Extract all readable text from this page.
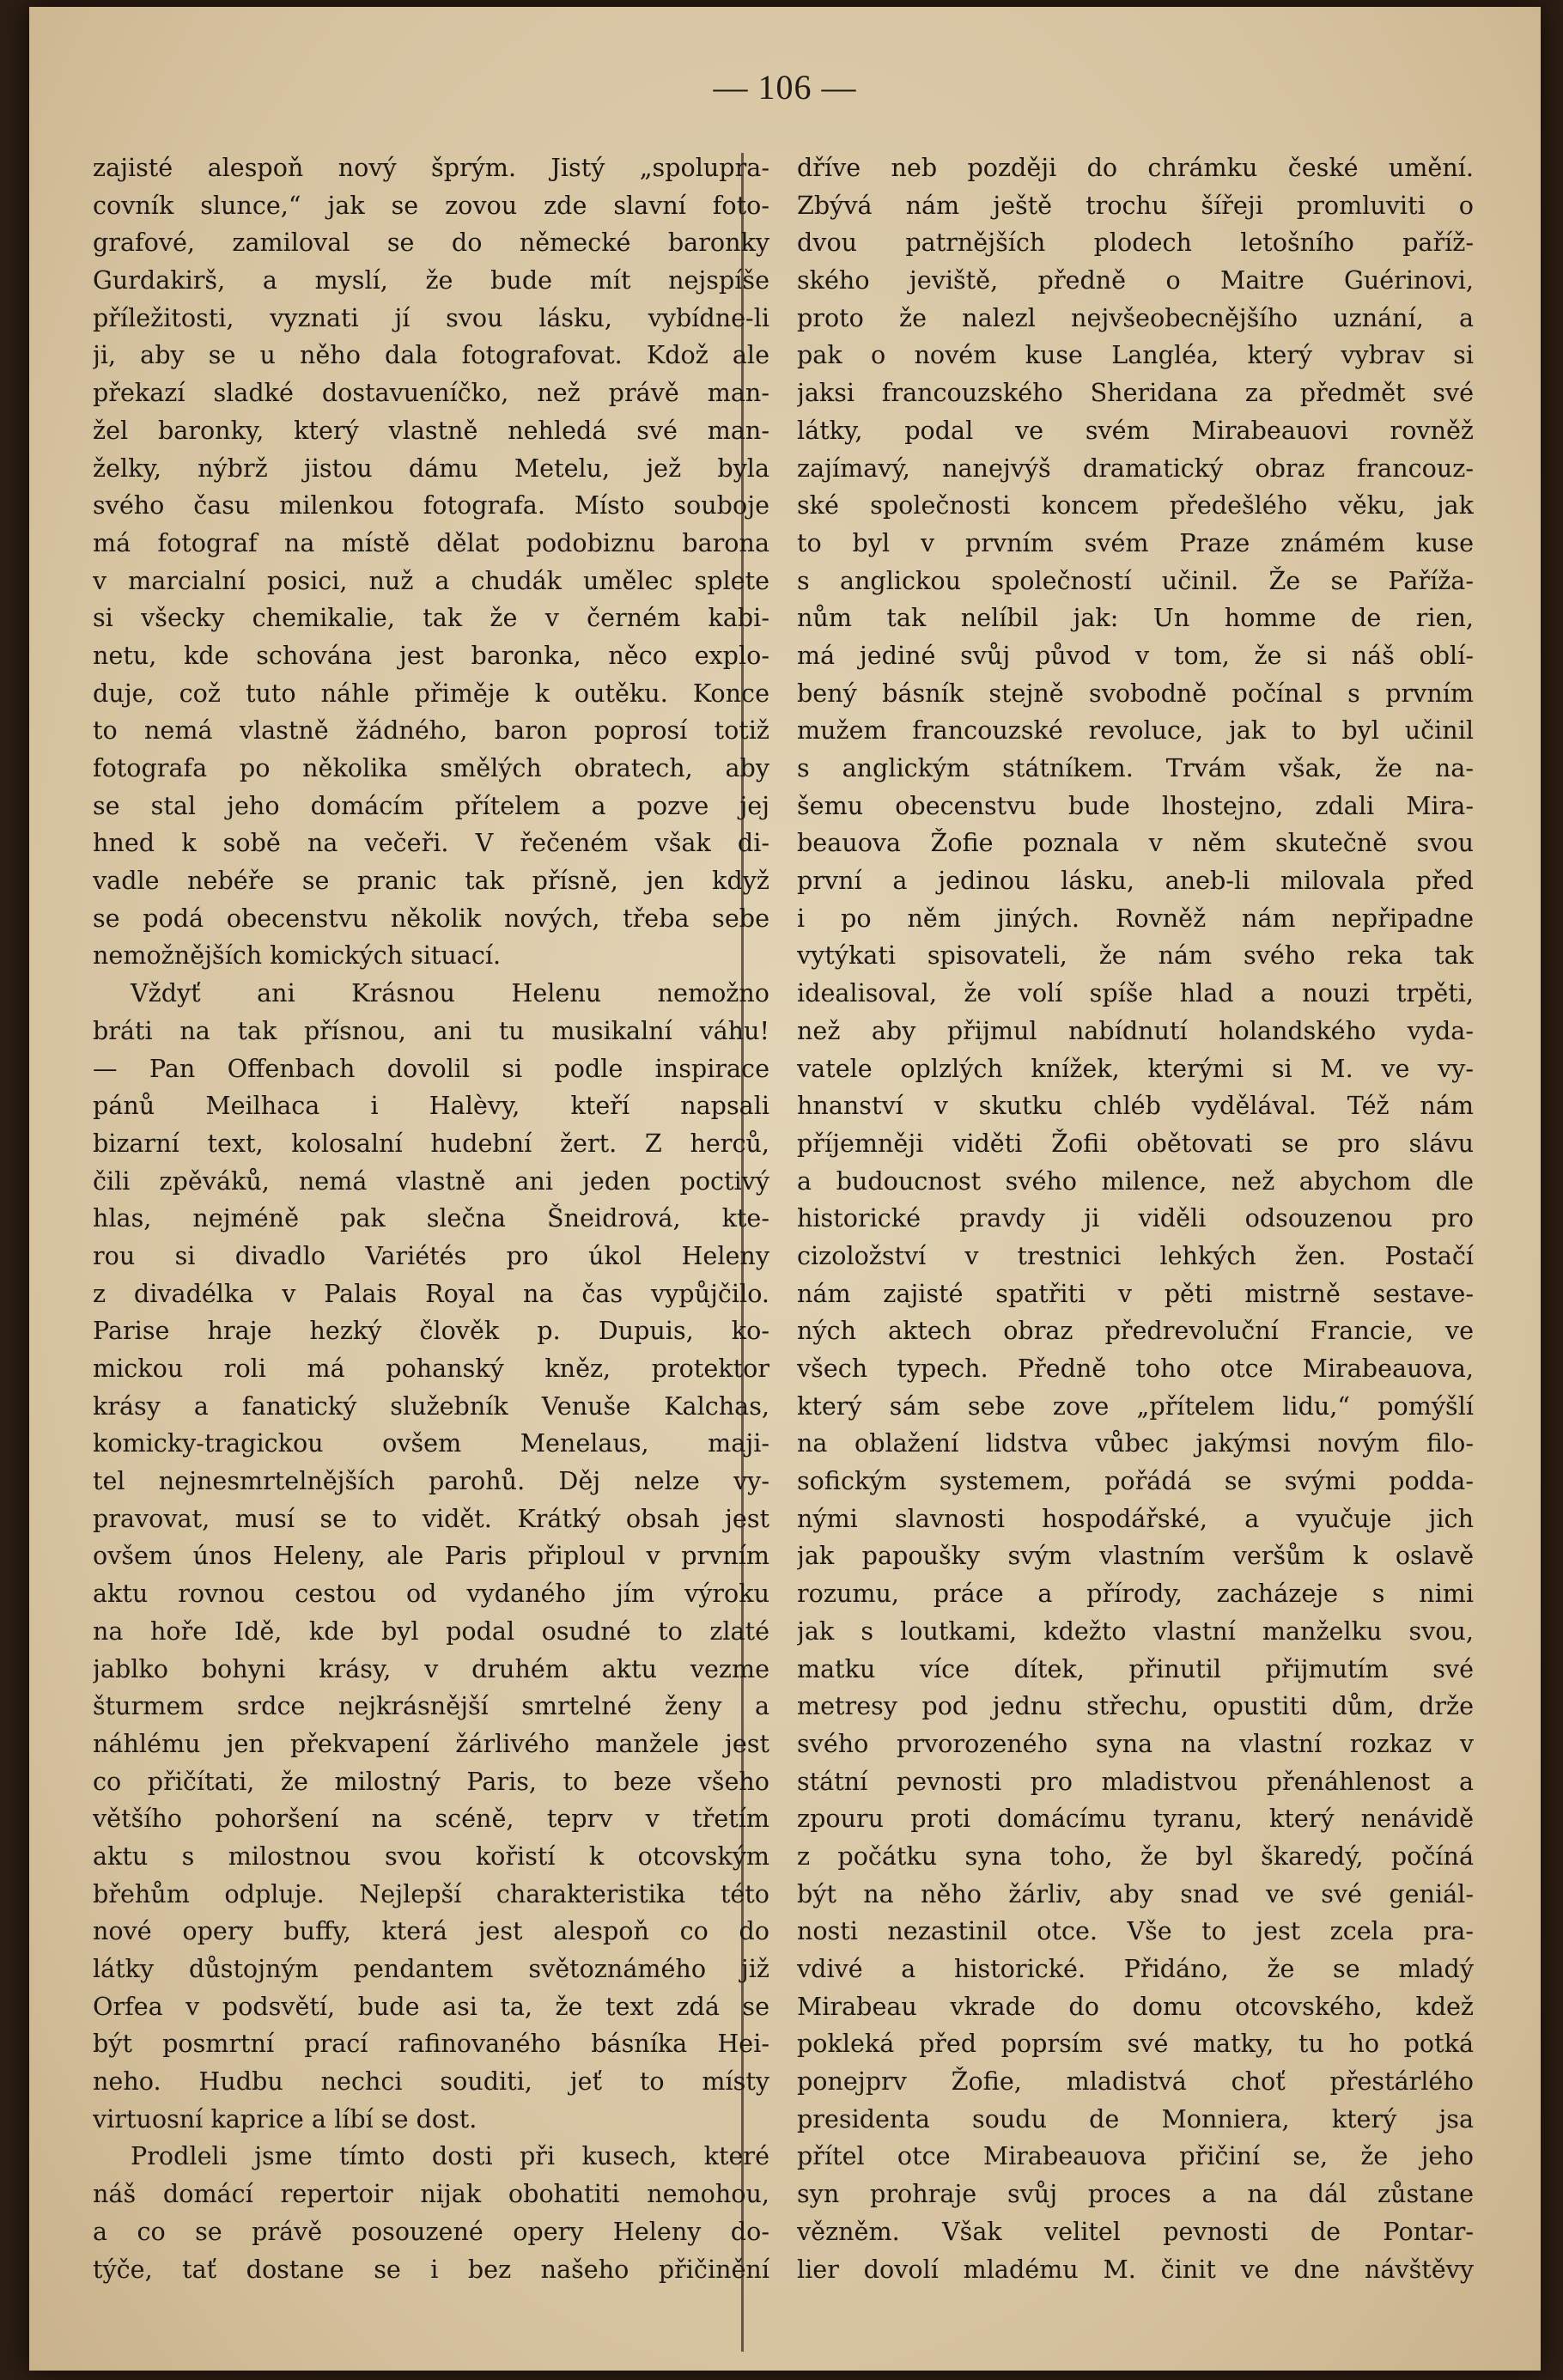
— 106 —
zajisté alespoň nový šprým. Jistý „spolupra-
covník slunce,“ jak se zovou zde slavní foto-
grafové, zamiloval se do německé baronky
Gurdakirš, a myslí, že bude mít nejspíše
příležitosti, vyznati jí svou lásku, vybídne-li
ji, aby se u něho dala fotografovat. Kdož ale
překazí sladké dostavueníčko, než právě man-
žel baronky, který vlastně nehledá své man-
želky, nýbrž jistou dámu Metelu, jež byla
svého času milenkou fotografa. Místo souboje
má fotograf na místě dělat podobiznu barona
v marcialní posici, nuž a chudák umělec splete
si všecky chemikalie, tak že v černém kabi-
netu, kde schována jest baronka, něco explo-
duje, což tuto náhle přiměje k outěku. Konce
to nemá vlastně žádného, baron poprosí totiž
fotografa po několika smělých obratech, aby
se stal jeho domácím přítelem a pozve jej
hned k sobě na večeři. V řečeném však di-
vadle nebéře se pranic tak přísně, jen když
se podá obecenstvu několik nových, třeba sebe
nemožnějších komických situací.
Vždyť ani Krásnou Helenu nemožno
bráti na tak přísnou, ani tu musikalní váhu!
— Pan Offenbach dovolil si podle inspirace
pánů Meilhaca i Halèvy, kteří napsali
bizarní text, kolosalní hudební žert. Z herců,
čili zpěváků, nemá vlastně ani jeden poctivý
hlas, nejméně pak slečna Šneidrová, kte-
rou si divadlo Variétés pro úkol Heleny
z divadélka v Palais Royal na čas vypůjčilo.
Parise hraje hezký člověk p. Dupuis, ko-
mickou roli má pohanský kněz, protektor
krásy a fanatický služebník Venuše Kalchas,
komicky-tragickou ovšem Menelaus, maji-
tel nejnesmrtelnějších parohů. Děj nelze vy-
pravovat, musí se to vidět. Krátký obsah jest
ovšem únos Heleny, ale Paris připloul v prvním
aktu rovnou cestou od vydaného jím výroku
na hoře Idě, kde byl podal osudné to zlaté
jablko bohyni krásy, v druhém aktu vezme
šturmem srdce nejkrásnější smrtelné ženy a
náhlému jen překvapení žárlivého manžele jest
co přičítati, že milostný Paris, to beze všeho
většího pohoršení na scéně, teprv v třetím
aktu s milostnou svou kořistí k otcovským
břehům odpluje. Nejlepší charakteristika této
nové opery buffy, která jest alespoň co do
látky důstojným pendantem světoznámého již
Orfea v podsvětí, bude asi ta, že text zdá se
být posmrtní prací rafinovaného básníka Hei-
neho. Hudbu nechci souditi, jeť to místy
virtuosní kaprice a líbí se dost.
Prodleli jsme tímto dosti při kusech, které
náš domácí repertoir nijak obohatiti nemohou,
a co se právě posouzené opery Heleny do-
týče, tať dostane se i bez našeho přičinění
dříve neb později do chrámku české umění.
Zbývá nám ještě trochu šířeji promluviti o
dvou patrnějších plodech letošního paříž-
ského jeviště, předně o Maitre Guérinovi,
proto že nalezl nejvšeobecnějšího uznání, a
pak o novém kuse Langléa, který vybrav si
jaksi francouzského Sheridana za předmět své
látky, podal ve svém Mirabeauovi rovněž
zajímavý, nanejvýš dramatický obraz francouz-
ské společnosti koncem předešlého věku, jak
to byl v prvním svém Praze známém kuse
s anglickou společností učinil. Že se Paříža-
nům tak nelíbil jak: Un homme de rien,
má jediné svůj původ v tom, že si náš oblí-
bený básník stejně svobodně počínal s prvním
mužem francouzské revoluce, jak to byl učinil
s anglickým státníkem. Trvám však, že na-
šemu obecenstvu bude lhostejno, zdali Mira-
beauova Žofie poznala v něm skutečně svou
první a jedinou lásku, aneb-li milovala před
i po něm jiných. Rovněž nám nepřipadne
vytýkati spisovateli, že nám svého reka tak
idealisoval, že volí spíše hlad a nouzi trpěti,
než aby přijmul nabídnutí holandského vyda-
vatele oplzlých knížek, kterými si M. ve vy-
hnanství v skutku chléb vydělával. Též nám
příjemněji viděti Žofii obětovati se pro slávu
a budoucnost svého milence, než abychom dle
historické pravdy ji viděli odsouzenou pro
cizoložství v trestnici lehkých žen. Postačí
nám zajisté spatřiti v pěti mistrně sestave-
ných aktech obraz předrevoluční Francie, ve
všech typech. Předně toho otce Mirabeauova,
který sám sebe zove „přítelem lidu,“ pomýšlí
na oblažení lidstva vůbec jakýmsi novým filo-
sofickým systemem, pořádá se svými podda-
nými slavnosti hospodářské, a vyučuje jich
jak papoušky svým vlastním veršům k oslavě
rozumu, práce a přírody, zacházeje s nimi
jak s loutkami, kdežto vlastní manželku svou,
matku více dítek, přinutil přijmutím své
metresy pod jednu střechu, opustiti dům, drže
svého prvorozeného syna na vlastní rozkaz v
státní pevnosti pro mladistvou přenáhlenost a
zpouru proti domácímu tyranu, který nenávidě
z počátku syna toho, že byl škaredý, počíná
být na něho žárliv, aby snad ve své geniál-
nosti nezastinil otce. Vše to jest zcela pra-
vdivé a historické. Přidáno, že se mladý
Mirabeau vkrade do domu otcovského, kdež
pokleká před poprsím své matky, tu ho potká
ponejprv Žofie, mladistvá choť přestárlého
presidenta soudu de Monniera, který jsa
přítel otce Mirabeauova přičiní se, že jeho
syn prohraje svůj proces a na dál zůstane
vězněm. Však velitel pevnosti de Pontar-
lier dovolí mladému M. činit ve dne návštěvy
